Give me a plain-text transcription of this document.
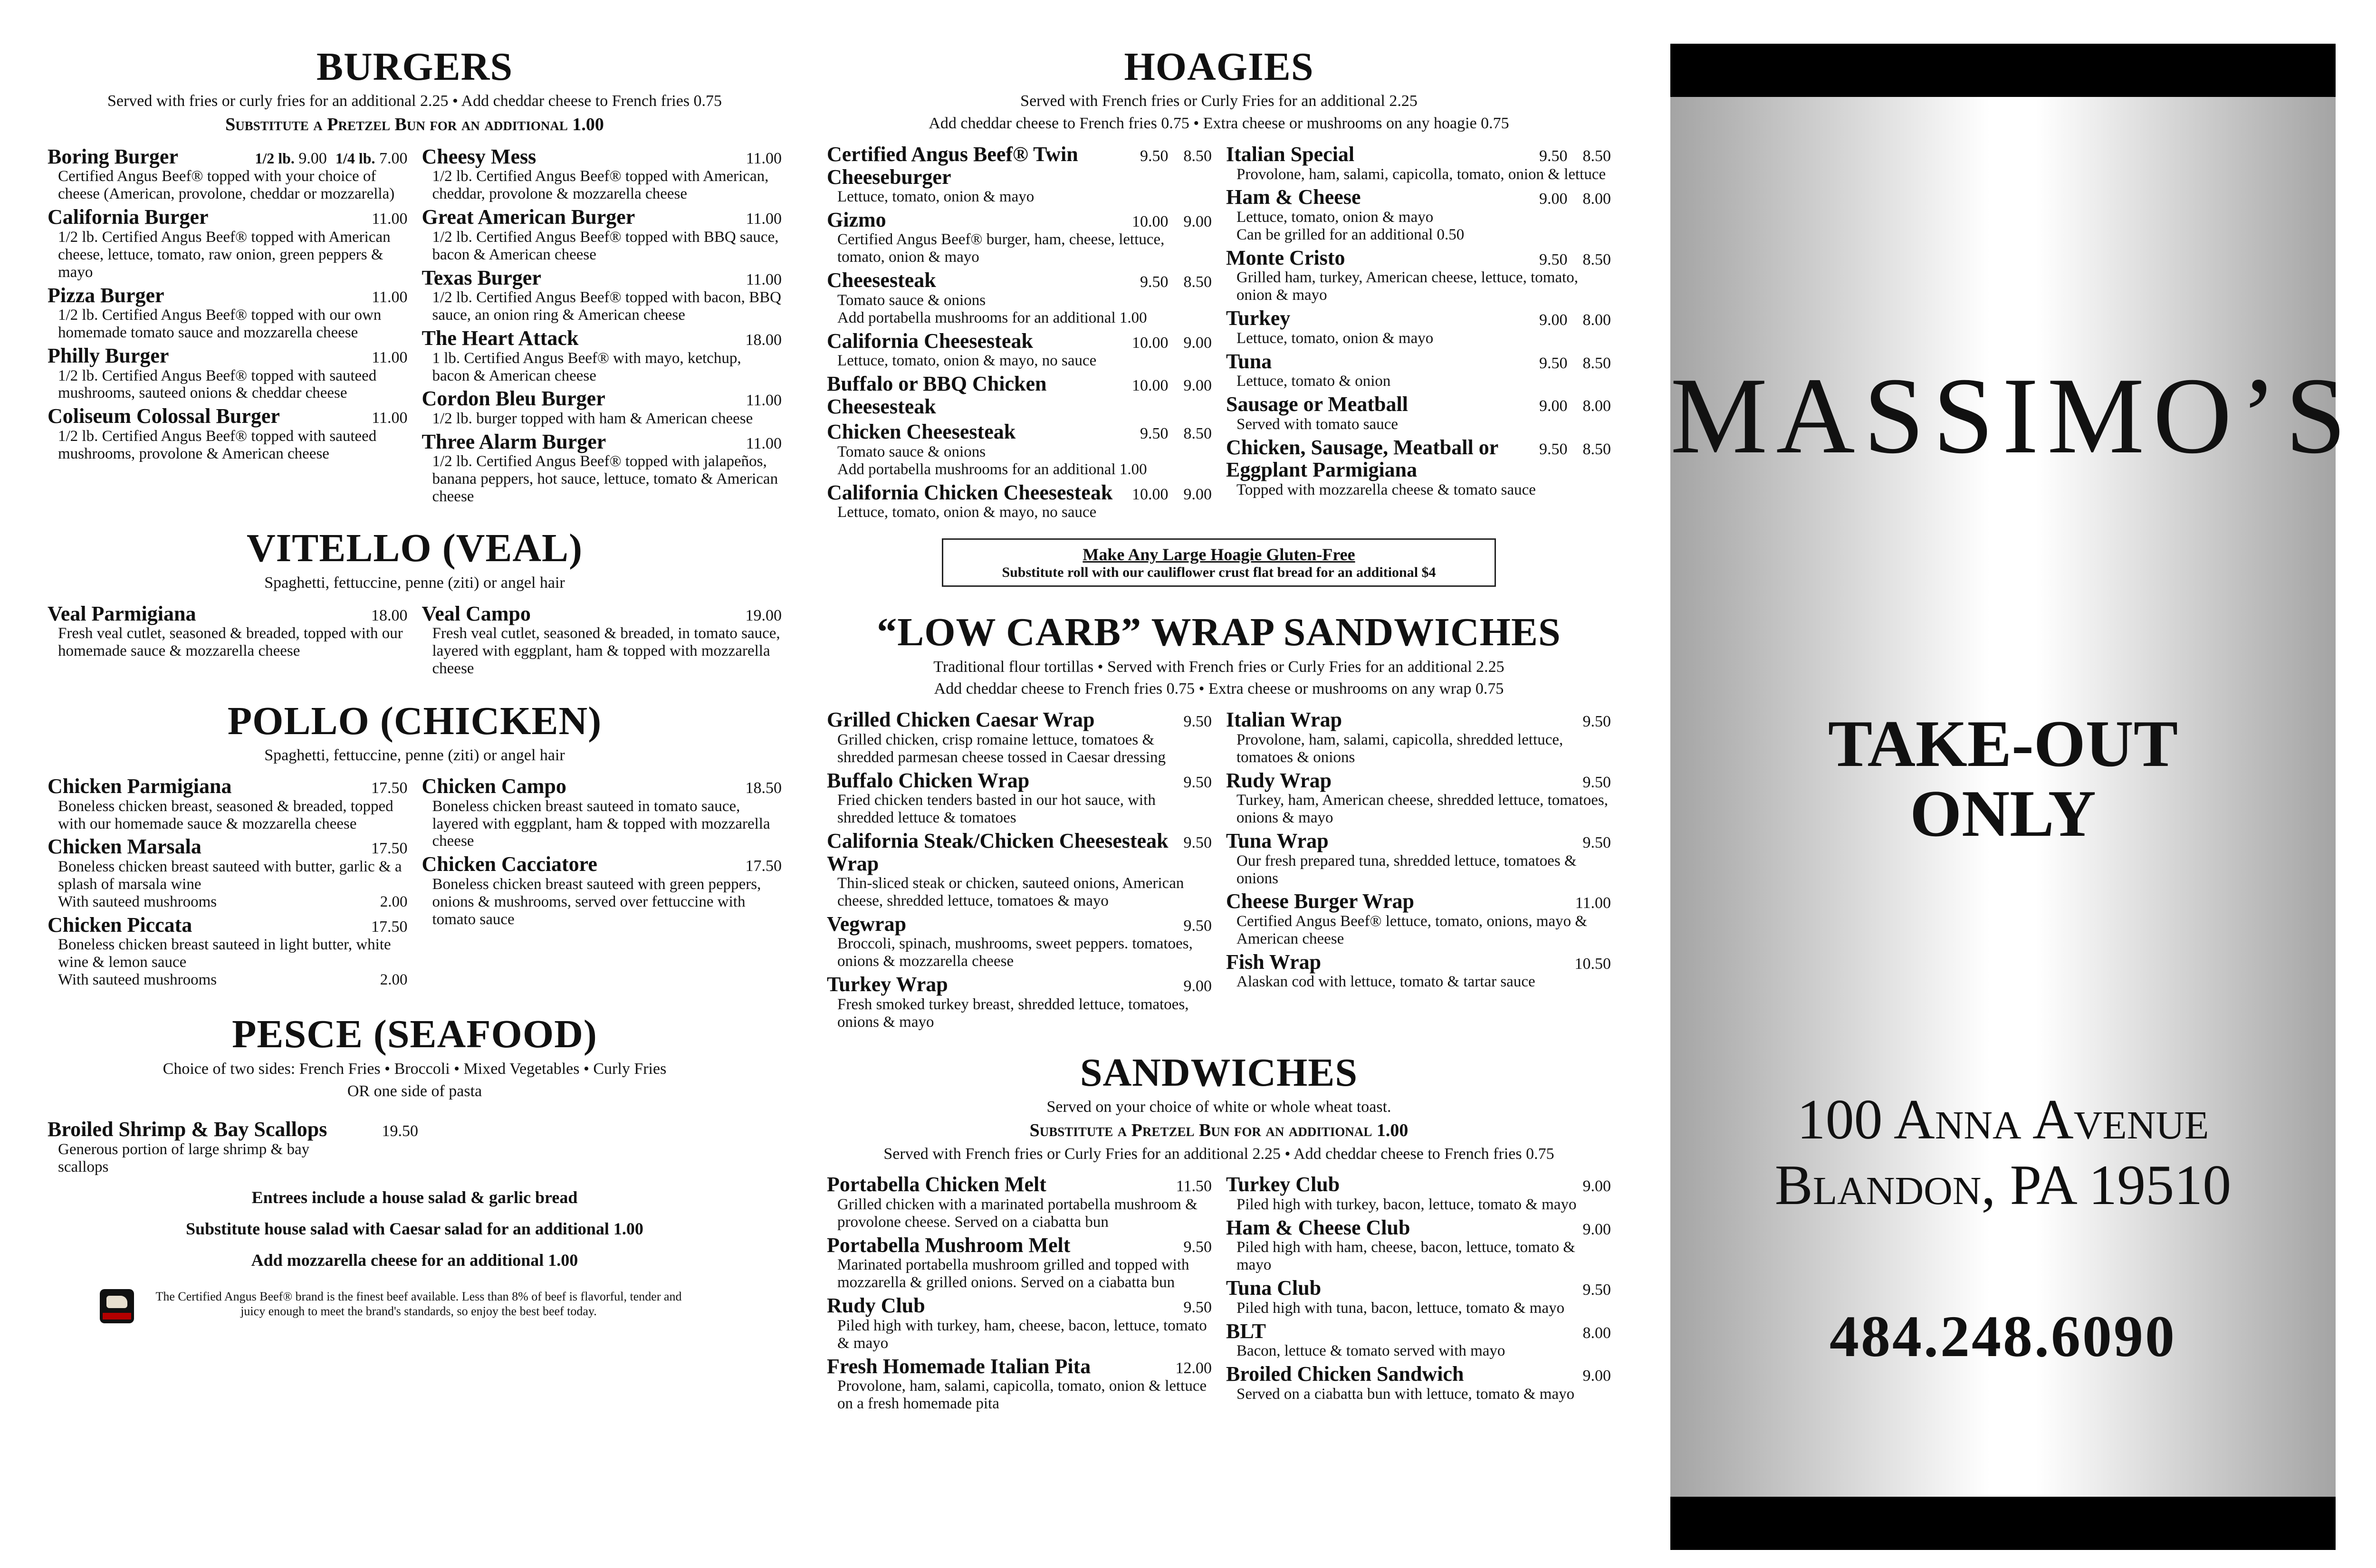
BURGERS
Served with fries or curly fries for an additional 2.25 • Add cheddar cheese to French fries 0.75
Substitute a Pretzel Bun for an additional 1.00
Boring Burger	1/2 lb. 9.00 1/4 lb. 7.00
Certified Angus Beef® topped with your choice of cheese (American, provolone, cheddar or mozzarella)
California Burger	11.00
1/2 lb. Certified Angus Beef® topped with American cheese, lettuce, tomato, raw onion, green peppers & mayo
Pizza Burger	11.00
1/2 lb. Certified Angus Beef® topped with our own homemade tomato sauce and mozzarella cheese
Philly Burger	11.00
1/2 lb. Certified Angus Beef® topped with sauteed mushrooms, sauteed onions & cheddar cheese
Coliseum Colossal Burger	11.00
1/2 lb. Certified Angus Beef® topped with sauteed mushrooms, provolone & American cheese
Cheesy Mess	11.00
1/2 lb. Certified Angus Beef® topped with American, cheddar, provolone & mozzarella cheese
Great American Burger	11.00
1/2 lb. Certified Angus Beef® topped with BBQ sauce, bacon & American cheese
Texas Burger	11.00
1/2 lb. Certified Angus Beef® topped with bacon, BBQ sauce, an onion ring & American cheese
The Heart Attack	18.00
1 lb. Certified Angus Beef® with mayo, ketchup, bacon & American cheese
Cordon Bleu Burger	11.00
1/2 lb. burger topped with ham & American cheese
Three Alarm Burger	11.00
1/2 lb. Certified Angus Beef® topped with jalapeños, banana peppers, hot sauce, lettuce, tomato & American cheese
VITELLO (VEAL)
Spaghetti, fettuccine, penne (ziti) or angel hair
Veal Parmigiana	18.00
Fresh veal cutlet, seasoned & breaded, topped with our homemade sauce & mozzarella cheese
Veal Campo	19.00
Fresh veal cutlet, seasoned & breaded, in tomato sauce, layered with eggplant, ham & topped with mozzarella cheese
POLLO (CHICKEN)
Spaghetti, fettuccine, penne (ziti) or angel hair
Chicken Parmigiana	17.50
Boneless chicken breast, seasoned & breaded, topped with our homemade sauce & mozzarella cheese
Chicken Marsala	17.50
Boneless chicken breast sauteed with butter, garlic & a splash of marsala wine
With sauteed mushrooms	2.00
Chicken Piccata	17.50
Boneless chicken breast sauteed in light butter, white wine & lemon sauce
With sauteed mushrooms	2.00
Chicken Campo	18.50
Boneless chicken breast sauteed in tomato sauce, layered with eggplant, ham & topped with mozzarella cheese
Chicken Cacciatore	17.50
Boneless chicken breast sauteed with green peppers, onions & mushrooms, served over fettuccine with tomato sauce
PESCE (SEAFOOD)
Choice of two sides: French Fries • Broccoli • Mixed Vegetables • Curly Fries
OR one side of pasta
Broiled Shrimp & Bay Scallops	19.50
Generous portion of large shrimp & bay scallops
Entrees include a house salad & garlic bread
Substitute house salad with Caesar salad for an additional 1.00
Add mozzarella cheese for an additional 1.00
The Certified Angus Beef® brand is the finest beef available. Less than 8% of beef is flavorful, tender and juicy enough to meet the brand's standards, so enjoy the best beef today.
HOAGIES
Served with French fries or Curly Fries for an additional 2.25
Add cheddar cheese to French fries 0.75 • Extra cheese or mushrooms on any hoagie 0.75
Certified Angus Beef® Twin Cheeseburger
9.50 8.50
Lettuce, tomato, onion & mayo
Gizmo	10.00 9.00
Certified Angus Beef® burger, ham, cheese, lettuce, tomato, onion & mayo
Cheesesteak	9.50 8.50
Tomato sauce & onions
Add portabella mushrooms for an additional 1.00
California Cheesesteak	10.00 9.00
Lettuce, tomato, onion & mayo, no sauce
Buffalo or BBQ Chicken Cheesesteak
10.00 9.00
Chicken Cheesesteak	9.50 8.50
Tomato sauce & onions
Add portabella mushrooms for an additional 1.00
California Chicken Cheesesteak 10.00 9.00
Lettuce, tomato, onion & mayo, no sauce
Italian Special	9.50 8.50
Provolone, ham, salami, capicolla, tomato, onion & lettuce
Ham & Cheese	9.00 8.00
Lettuce, tomato, onion & mayo
Can be grilled for an additional 0.50
Monte Cristo	9.50 8.50
Grilled ham, turkey, American cheese, lettuce, tomato, onion & mayo
Turkey	9.00 8.00
Lettuce, tomato, onion & mayo
Tuna	9.50 8.50
Lettuce, tomato & onion
Sausage or Meatball	9.00 8.00
Served with tomato sauce
Chicken, Sausage, Meatball or Eggplant Parmigiana
9.50 8.50
Topped with mozzarella cheese & tomato sauce
Make Any Large Hoagie Gluten-Free
Substitute roll with our cauliflower crust flat bread for an additional $4
“LOW CARB” WRAP SANDWICHES
Traditional flour tortillas • Served with French fries or Curly Fries for an additional 2.25
Add cheddar cheese to French fries 0.75 • Extra cheese or mushrooms on any wrap 0.75
Grilled Chicken Caesar Wrap	9.50
Grilled chicken, crisp romaine lettuce, tomatoes & shredded parmesan cheese tossed in Caesar dressing
Buffalo Chicken Wrap	9.50
Fried chicken tenders basted in our hot sauce, with shredded lettuce & tomatoes
California Steak/Chicken Cheesesteak Wrap
9.50
Thin-sliced steak or chicken, sauteed onions, American cheese, shredded lettuce, tomatoes & mayo
Vegwrap	9.50
Broccoli, spinach, mushrooms, sweet peppers. tomatoes, onions & mozzarella cheese
Turkey Wrap	9.00
Fresh smoked turkey breast, shredded lettuce, tomatoes, onions & mayo
Italian Wrap	9.50
Provolone, ham, salami, capicolla, shredded lettuce, tomatoes & onions
Rudy Wrap	9.50
Turkey, ham, American cheese, shredded lettuce, tomatoes, onions & mayo
Tuna Wrap	9.50
Our fresh prepared tuna, shredded lettuce, tomatoes & onions
Cheese Burger Wrap	11.00
Certified Angus Beef® lettuce, tomato, onions, mayo & American cheese
Fish Wrap	10.50
Alaskan cod with lettuce, tomato & tartar sauce
SANDWICHES
Served on your choice of white or whole wheat toast.
Substitute a Pretzel Bun for an additional 1.00
Served with French fries or Curly Fries for an additional 2.25 • Add cheddar cheese to French fries 0.75
Portabella Chicken Melt	11.50
Grilled chicken with a marinated portabella mushroom & provolone cheese. Served on a ciabatta bun
Portabella Mushroom Melt	9.50
Marinated portabella mushroom grilled and topped with mozzarella & grilled onions. Served on a ciabatta bun
Rudy Club	9.50
Piled high with turkey, ham, cheese, bacon, lettuce, tomato & mayo
Fresh Homemade Italian Pita	12.00
Provolone, ham, salami, capicolla, tomato, onion & lettuce on a fresh homemade pita
Turkey Club	9.00
Piled high with turkey, bacon, lettuce, tomato & mayo
Ham & Cheese Club	9.00
Piled high with ham, cheese, bacon, lettuce, tomato & mayo
Tuna Club	9.50
Piled high with tuna, bacon, lettuce, tomato & mayo
BLT	8.00
Bacon, lettuce & tomato served with mayo
Broiled Chicken Sandwich	9.00
Served on a ciabatta bun with lettuce, tomato & mayo
MASSIMO’S
TAKE-OUT
ONLY
100 Anna Avenue
Blandon, PA 19510
484.248.6090
